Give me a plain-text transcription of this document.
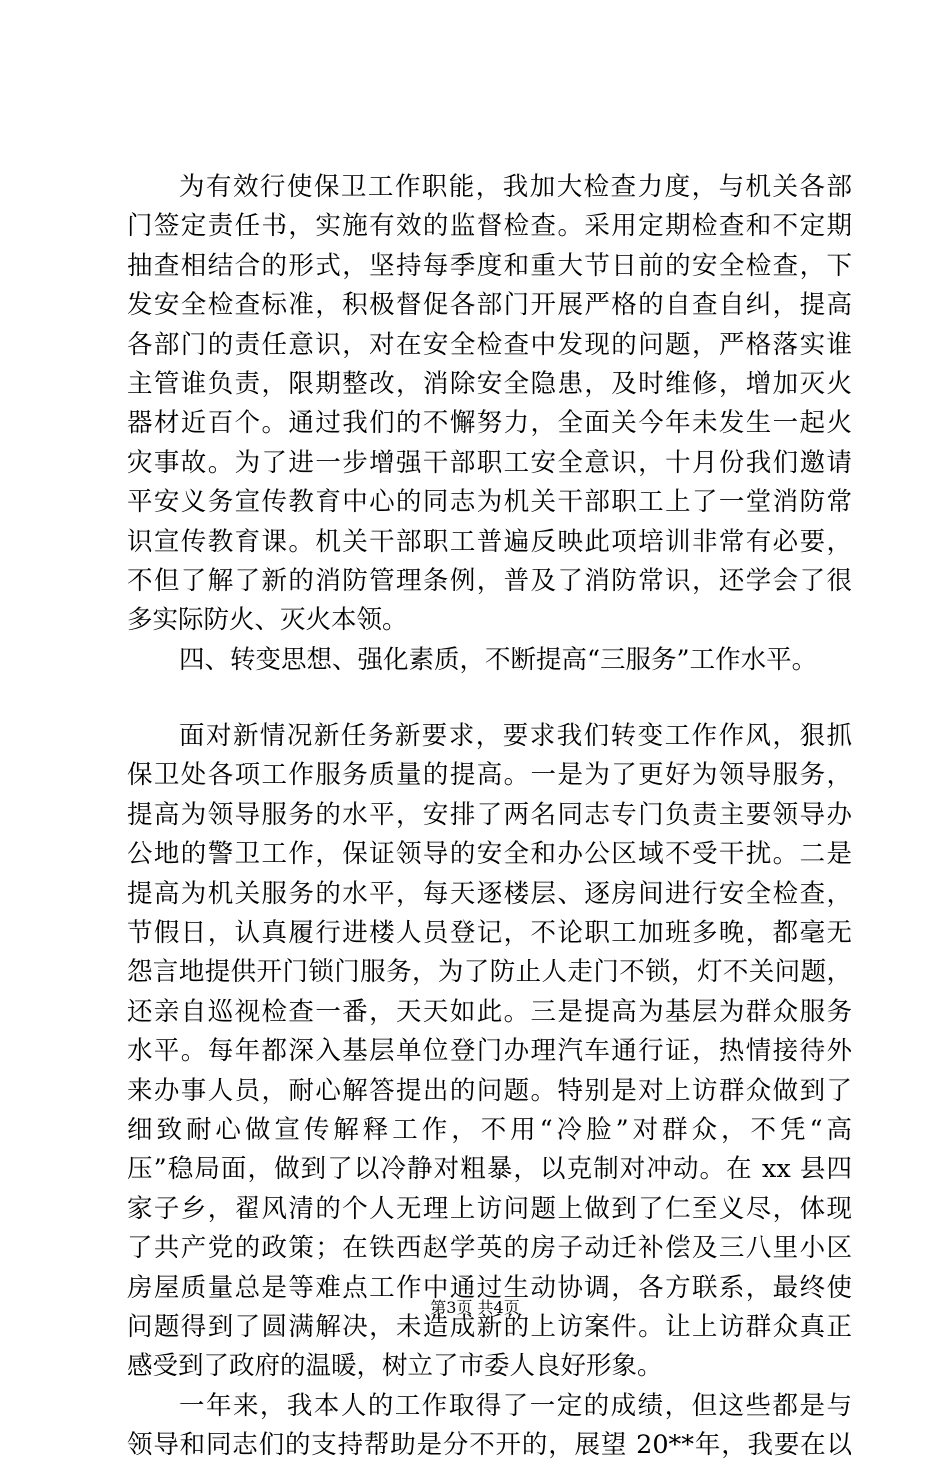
为有效行使保卫工作职能，我加大检查力度，与机关各部
门签定责任书，实施有效的监督检查。采用定期检查和不定期
抽查相结合的形式，坚持每季度和重大节日前的安全检查，下
发安全检查标准，积极督促各部门开展严格的自查自纠，提高
各部门的责任意识，对在安全检查中发现的问题，严格落实谁
主管谁负责，限期整改，消除安全隐患，及时维修，增加灭火
器材近百个。通过我们的不懈努力，全面关今年未发生一起火
灾事故。为了进一步增强干部职工安全意识，十月份我们邀请
平安义务宣传教育中心的同志为机关干部职工上了一堂消防常
识宣传教育课。机关干部职工普遍反映此项培训非常有必要，
不但了解了新的消防管理条例，普及了消防常识，还学会了很
多实际防火、灭火本领。
四、转变思想、强化素质，不断提高“三服务”工作水平。
面对新情况新任务新要求，要求我们转变工作作风，狠抓
保卫处各项工作服务质量的提高。一是为了更好为领导服务，
提高为领导服务的水平，安排了两名同志专门负责主要领导办
公地的警卫工作，保证领导的安全和办公区域不受干扰。二是
提高为机关服务的水平，每天逐楼层、逐房间进行安全检查，
节假日，认真履行进楼人员登记，不论职工加班多晚，都毫无
怨言地提供开门锁门服务，为了防止人走门不锁，灯不关问题，
还亲自巡视检查一番，天天如此。三是提高为基层为群众服务
水平。每年都深入基层单位登门办理汽车通行证，热情接待外
来办事人员，耐心解答提出的问题。特别是对上访群众做到了
细致耐心做宣传解释工作，不用“冷脸”对群众，不凭“高
压”稳局面，做到了以冷静对粗暴，以克制对冲动。在 xx 县四
家子乡，翟风清的个人无理上访问题上做到了仁至义尽，体现
了共产党的政策；在铁西赵学英的房子动迁补偿及三八里小区
房屋质量总是等难点工作中通过生动协调，各方联系，最终使
问题得到了圆满解决，未造成新的上访案件。让上访群众真正
感受到了政府的温暖，树立了市委人良好形象。
一年来，我本人的工作取得了一定的成绩，但这些都是与
领导和同志们的支持帮助是分不开的，展望 20**年，我要在以
第3页 共4页
